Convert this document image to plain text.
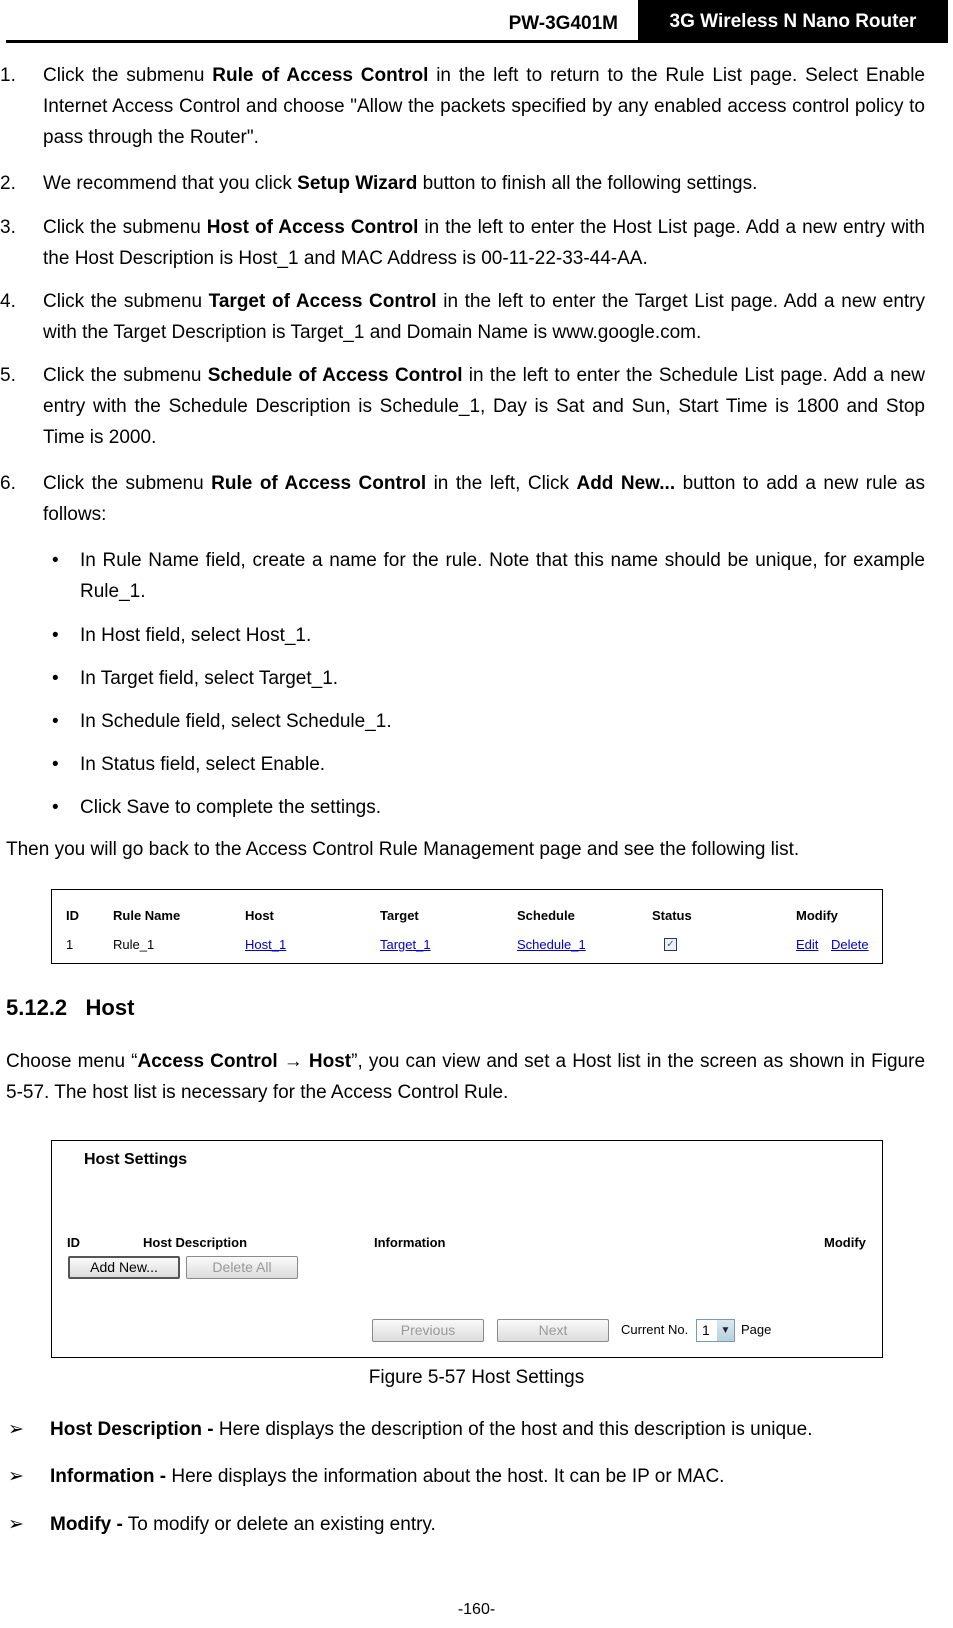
PW-3G401M	3G Wireless N Nano Router
1. Click the submenu Rule of Access Control in the left to return to the Rule List page. Select Enable Internet Access Control and choose "Allow the packets specified by any enabled access control policy to pass through the Router".
2. We recommend that you click Setup Wizard button to finish all the following settings.
3. Click the submenu Host of Access Control in the left to enter the Host List page. Add a new entry with the Host Description is Host_1 and MAC Address is 00-11-22-33-44-AA.
4. Click the submenu Target of Access Control in the left to enter the Target List page. Add a new entry with the Target Description is Target_1 and Domain Name is www.google.com.
5. Click the submenu Schedule of Access Control in the left to enter the Schedule List page. Add a new entry with the Schedule Description is Schedule_1, Day is Sat and Sun, Start Time is 1800 and Stop Time is 2000.
6. Click the submenu Rule of Access Control in the left, Click Add New... button to add a new rule as follows:
• In Rule Name field, create a name for the rule. Note that this name should be unique, for example Rule_1.
• In Host field, select Host_1.
• In Target field, select Target_1.
• In Schedule field, select Schedule_1.
• In Status field, select Enable.
• Click Save to complete the settings.
Then you will go back to the Access Control Rule Management page and see the following list.
ID	Rule Name	Host	Target	Schedule	Status	Modify
1	Rule_1	Host_1	Target_1	Schedule_1	✓	Edit Delete
5.12.2 Host
Choose menu “Access Control → Host”, you can view and set a Host list in the screen as shown in Figure 5-57. The host list is necessary for the Access Control Rule.
Host Settings
ID	Host Description	Information	Modify
Add New...	Delete All
Previous	Next	Current No. 1	▼ Page
Figure 5-57 Host Settings
➢ Host Description - Here displays the description of the host and this description is unique.
➢ Information - Here displays the information about the host. It can be IP or MAC.
➢ Modify - To modify or delete an existing entry.
-160-
